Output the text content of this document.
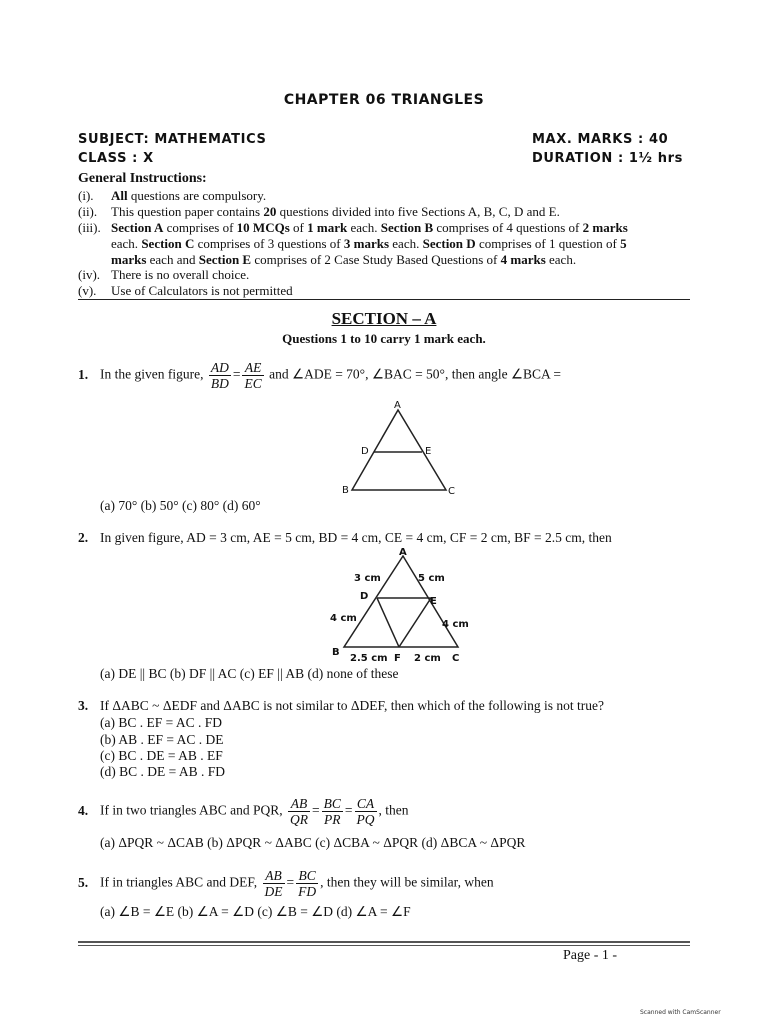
CHAPTER 06 TRIANGLES
SUBJECT: MATHEMATICS
CLASS : X
MAX. MARKS : 40
DURATION : 1½ hrs
General Instructions:
(i). All questions are compulsory.
(ii). This question paper contains 20 questions divided into five Sections A, B, C, D and E.
(iii). Section A comprises of 10 MCQs of 1 mark each. Section B comprises of 4 questions of 2 marks
each. Section C comprises of 3 questions of 3 marks each. Section D comprises of 1 question of 5
marks each and Section E comprises of 2 Case Study Based Questions of 4 marks each.
(iv). There is no overall choice.
(v). Use of Calculators is not permitted
SECTION – A
Questions 1 to 10 carry 1 mark each.
1. In the given figure, $\frac{AD}{BD} = \frac{AE}{EC}$ and ∠ADE = 70°, ∠BAC = 50°, then angle ∠BCA =
A
B	C
D	E
(a) 70° (b) 50° (c) 80° (d) 60°
2. In given figure, AD = 3 cm, AE = 5 cm, BD = 4 cm, CE = 4 cm, CF = 2 cm, BF = 2.5 cm, then
A
B
C
D	E
F
3 cm	5 cm
4 cm
4 cm
2.5 cm	2 cm
(a) DE || BC (b) DF || AC (c) EF || AB (d) none of these
3. If ΔABC ~ ΔEDF and ΔABC is not similar to ΔDEF, then which of the following is not true?
(a) BC . EF = AC . FD
(b) AB . EF = AC . DE
(c) BC . DE = AB . EF
(d) BC . DE = AB . FD
4. If in two triangles ABC and PQR, $\frac{AB}{QR} = \frac{BC}{PR} = \frac{CA}{PQ}$ , then
(a) ΔPQR ~ ΔCAB (b) ΔPQR ~ ΔABC (c) ΔCBA ~ ΔPQR (d) ΔBCA ~ ΔPQR
5. If in triangles ABC and DEF, $\frac{AB}{DE} = \frac{BC}{FD}$ , then they will be similar, when
(a) ∠B = ∠E (b) ∠A = ∠D (c) ∠B = ∠D (d) ∠A = ∠F
Page - 1 -
Scanned with CamScanner
